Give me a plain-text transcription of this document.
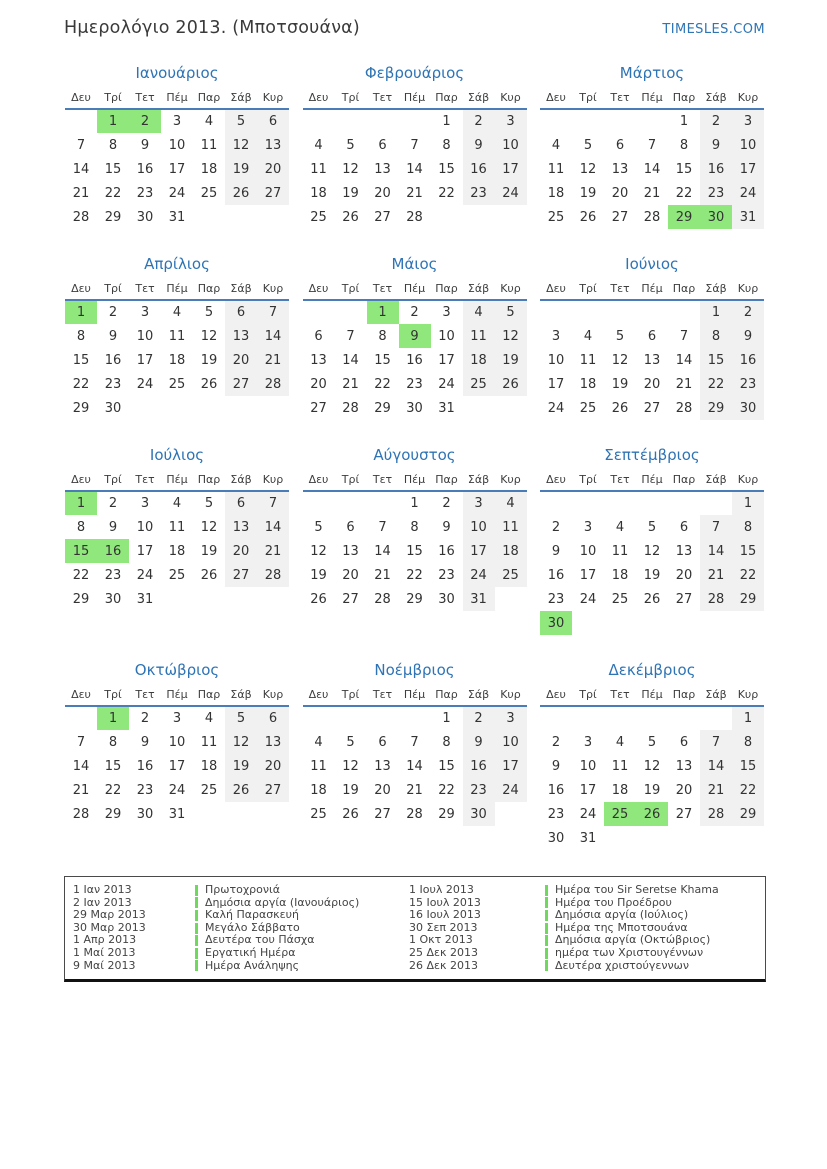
Ημερολόγιο 2013. (Μποτσουάνα)	TIMESLES.COM
Ιανουάριος
Δευ	Τρί	Τετ	Πέμ	Παρ	Σάβ	Κυρ
	1	2	3	4	5	6
7	8	9	10	11	12	13
14	15	16	17	18	19	20
21	22	23	24	25	26	27
28	29	30	31			
Φεβρουάριος
Δευ	Τρί	Τετ	Πέμ	Παρ	Σάβ	Κυρ
				1	2	3
4	5	6	7	8	9	10
11	12	13	14	15	16	17
18	19	20	21	22	23	24
25	26	27	28			
Μάρτιος
Δευ	Τρί	Τετ	Πέμ	Παρ	Σάβ	Κυρ
				1	2	3
4	5	6	7	8	9	10
11	12	13	14	15	16	17
18	19	20	21	22	23	24
25	26	27	28	29	30	31
Απρίλιος
Δευ	Τρί	Τετ	Πέμ	Παρ	Σάβ	Κυρ
1	2	3	4	5	6	7
8	9	10	11	12	13	14
15	16	17	18	19	20	21
22	23	24	25	26	27	28
29	30					
Μάιος
Δευ	Τρί	Τετ	Πέμ	Παρ	Σάβ	Κυρ
		1	2	3	4	5
6	7	8	9	10	11	12
13	14	15	16	17	18	19
20	21	22	23	24	25	26
27	28	29	30	31		
Ιούνιος
Δευ	Τρί	Τετ	Πέμ	Παρ	Σάβ	Κυρ
					1	2
3	4	5	6	7	8	9
10	11	12	13	14	15	16
17	18	19	20	21	22	23
24	25	26	27	28	29	30
Ιούλιος
Δευ	Τρί	Τετ	Πέμ	Παρ	Σάβ	Κυρ
1	2	3	4	5	6	7
8	9	10	11	12	13	14
15	16	17	18	19	20	21
22	23	24	25	26	27	28
29	30	31				
Αύγουστος
Δευ	Τρί	Τετ	Πέμ	Παρ	Σάβ	Κυρ
			1	2	3	4
5	6	7	8	9	10	11
12	13	14	15	16	17	18
19	20	21	22	23	24	25
26	27	28	29	30	31	
Σεπτέμβριος
Δευ	Τρί	Τετ	Πέμ	Παρ	Σάβ	Κυρ
						1
2	3	4	5	6	7	8
9	10	11	12	13	14	15
16	17	18	19	20	21	22
23	24	25	26	27	28	29
30						
Οκτώβριος
Δευ	Τρί	Τετ	Πέμ	Παρ	Σάβ	Κυρ
	1	2	3	4	5	6
7	8	9	10	11	12	13
14	15	16	17	18	19	20
21	22	23	24	25	26	27
28	29	30	31			
Νοέμβριος
Δευ	Τρί	Τετ	Πέμ	Παρ	Σάβ	Κυρ
				1	2	3
4	5	6	7	8	9	10
11	12	13	14	15	16	17
18	19	20	21	22	23	24
25	26	27	28	29	30	
Δεκέμβριος
Δευ	Τρί	Τετ	Πέμ	Παρ	Σάβ	Κυρ
						1
2	3	4	5	6	7	8
9	10	11	12	13	14	15
16	17	18	19	20	21	22
23	24	25	26	27	28	29
30	31					
1 Ιαν 2013	Πρωτοχρονιά
2 Ιαν 2013	Δημόσια αργία (Ιανουάριος)
29 Μαρ 2013	Καλή Παρασκευή
30 Μαρ 2013	Μεγάλο Σάββατο
1 Απρ 2013	Δευτέρα του Πάσχα
1 Μαί 2013	Εργατική Ημέρα
9 Μαί 2013	Ημέρα Ανάληψης
1 Ιουλ 2013	Ημέρα του Sir Seretse Khama
15 Ιουλ 2013	Ημέρα του Προέδρου
16 Ιουλ 2013	Δημόσια αργία (Ιούλιος)
30 Σεπ 2013	Ημέρα της Μποτσουάνα
1 Οκτ 2013	Δημόσια αργία (Οκτώβριος)
25 Δεκ 2013	ημέρα των Χριστουγέννων
26 Δεκ 2013	Δευτέρα χριστούγεννων
